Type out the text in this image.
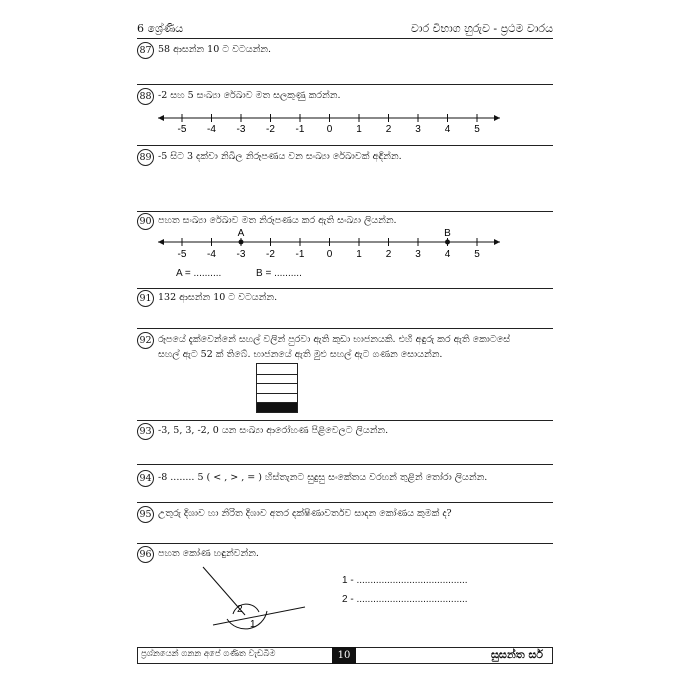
6 ශ්‍රේණිය	වාර විභාග හුරුව - ප්‍රථම වාරය
87 58 ආසන්න 10 ට වටයන්න.
88 -2 සහ 5 සංඛ්‍යා රේඛාව මත සලකුණු කරන්න.
-5 -4 -3 -2 -1 0 1 2 3 4 5
89 -5 සිට 3 දක්වා නිඛිල නිරූපණය වන සංඛ්‍යා රේඛාවක් අඳින්න.
90 පහත සංඛ්‍යා රේඛාව මත නිරූපණය කර ඇති සංඛ්‍යා ලියන්න.
-5 -4 -3 -2 -1 0 1 2 3 4 5
A	B
A = ..........	B = ..........
91 132 ආසන්න 10 ට වටයන්න.
92 රූපයේ දැක්වෙන්නේ සහල් වලින් පුරවා ඇති කුඩා භාජනයකි. එහි අඳුරු කර ඇති කොටසේ
සහල් ඇට 52 ක් තිබේ. භාජනයේ ඇති මුළු සහල් ඇට ගණන සොයන්න.
93 -3, 5, 3, -2, 0 යන සංඛ්‍යා ආරෝහණ පිළිවෙලට ලියන්න.
94 -8 ........ 5 ( < , > , = ) හිස්තැනට සුදුසු සංකේතය වරහන් තුළින් තෝරා ලියන්න.
95 උතුරු දිශාව හා නිරිත දිශාව අතර දක්ෂිණාවර්තව සාදන කෝණය කුමක් ද?
96 පහත කෝණ හඳුන්වන්න.
2
1
1 - ........................................
2 - ........................................
ප්‍රශ්නයෙන් ගනන අපේ ගණිත වැඩබිම	10	සුසන්ත සර්
